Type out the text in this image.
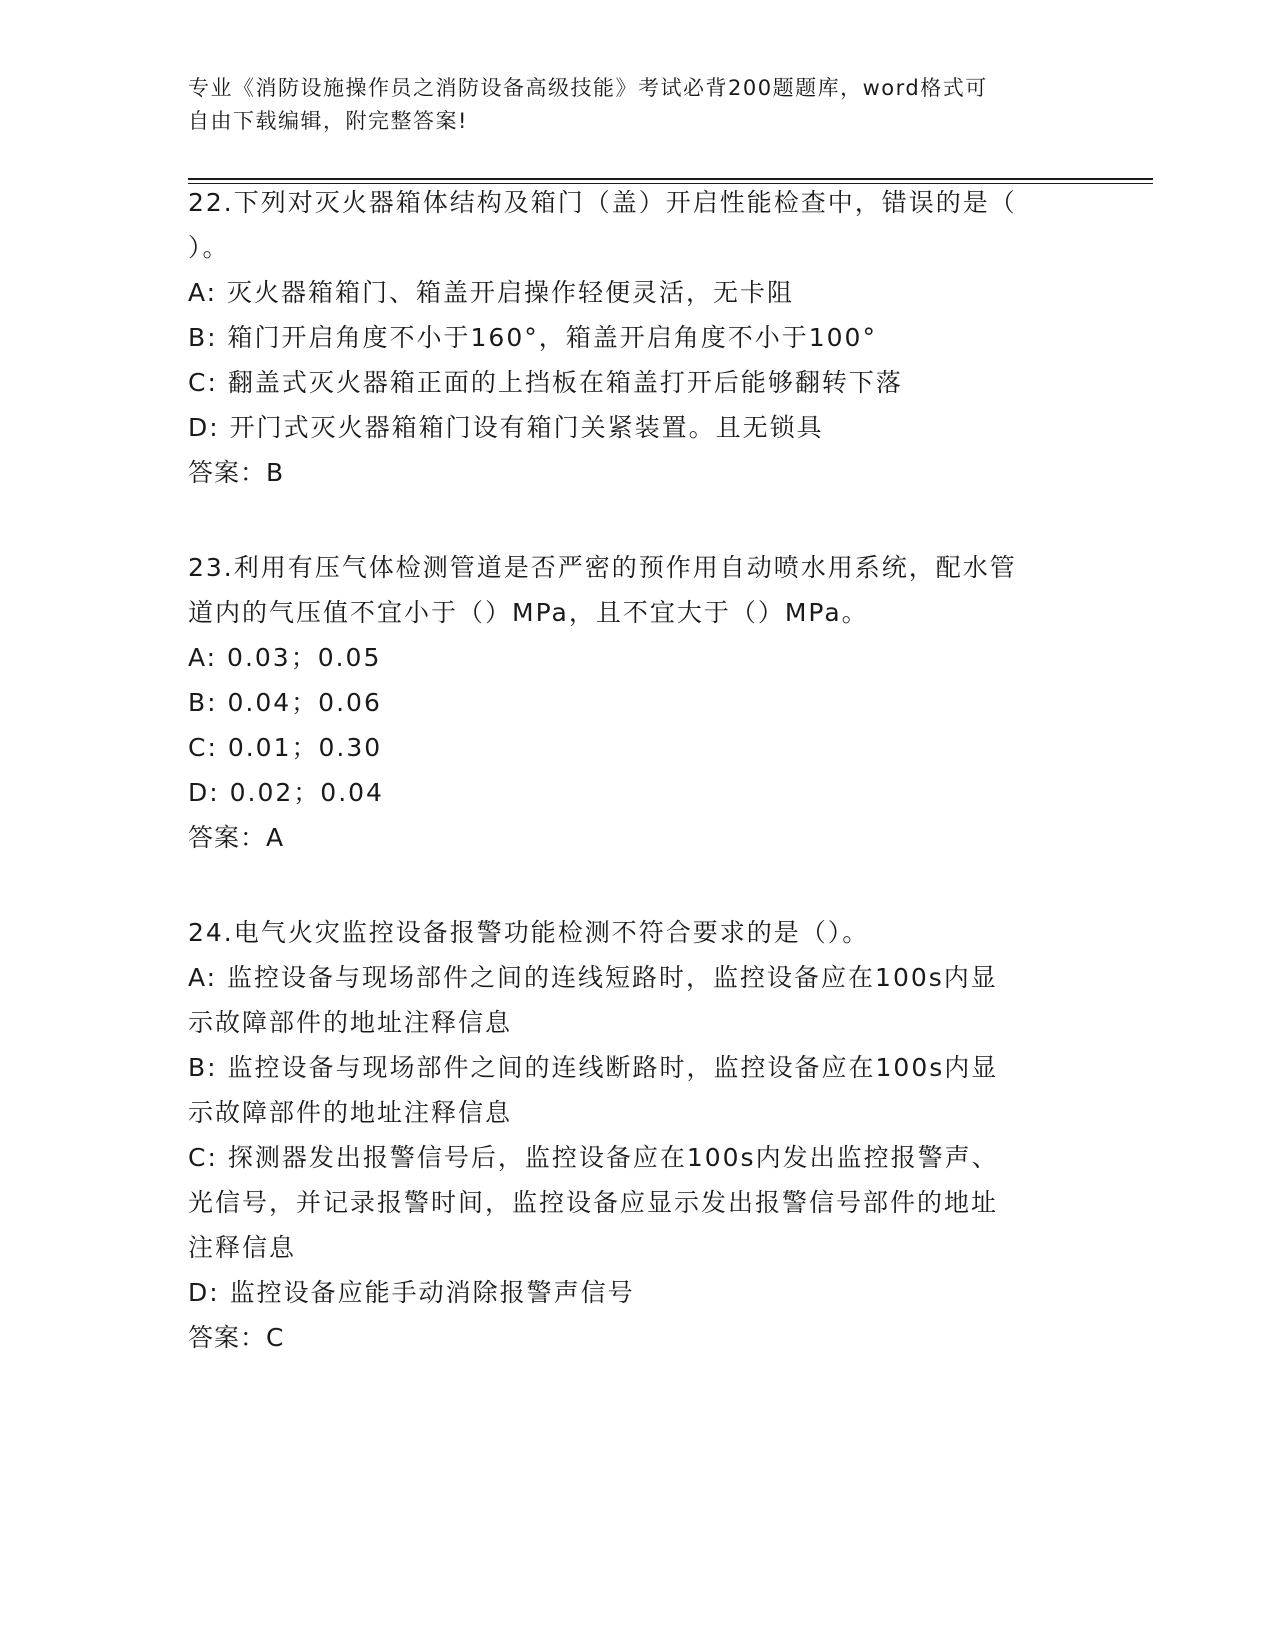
专业《消防设施操作员之消防设备高级技能》考试必背200题题库，word格式可
自由下载编辑，附完整答案!

22.下列对灭火器箱体结构及箱门（盖）开启性能检查中，错误的是（

）。

A: 灭火器箱箱门、箱盖开启操作轻便灵活，无卡阻

B: 箱门开启角度不小于160°，箱盖开启角度不小于100°

C: 翻盖式灭火器箱正面的上挡板在箱盖打开后能够翻转下落

D: 开门式灭火器箱箱门设有箱门关紧装置。且无锁具

答案：B

23.利用有压气体检测管道是否严密的预作用自动喷水用系统，配水管

道内的气压值不宜小于（）MPa，且不宜大于（）MPa。

A: 0.03；0.05

B: 0.04；0.06

C: 0.01；0.30

D: 0.02；0.04

答案：A

24.电气火灾监控设备报警功能检测不符合要求的是（）。

A: 监控设备与现场部件之间的连线短路时，监控设备应在100s内显

示故障部件的地址注释信息

B: 监控设备与现场部件之间的连线断路时，监控设备应在100s内显

示故障部件的地址注释信息

C: 探测器发出报警信号后，监控设备应在100s内发出监控报警声、

光信号，并记录报警时间，监控设备应显示发出报警信号部件的地址

注释信息

D: 监控设备应能手动消除报警声信号

答案：C
